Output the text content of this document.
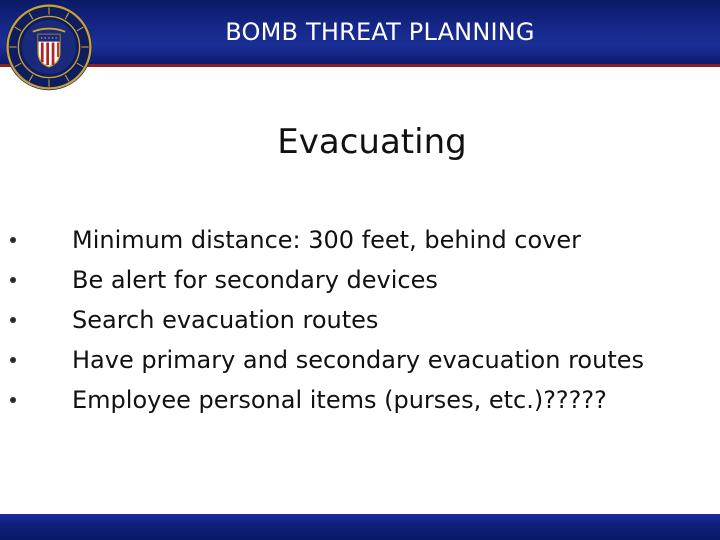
BOMB THREAT PLANNING
Evacuating
Minimum distance: 300 feet, behind cover
Be alert for secondary devices
Search evacuation routes
Have primary and secondary evacuation routes
Employee personal items (purses, etc.)?????
